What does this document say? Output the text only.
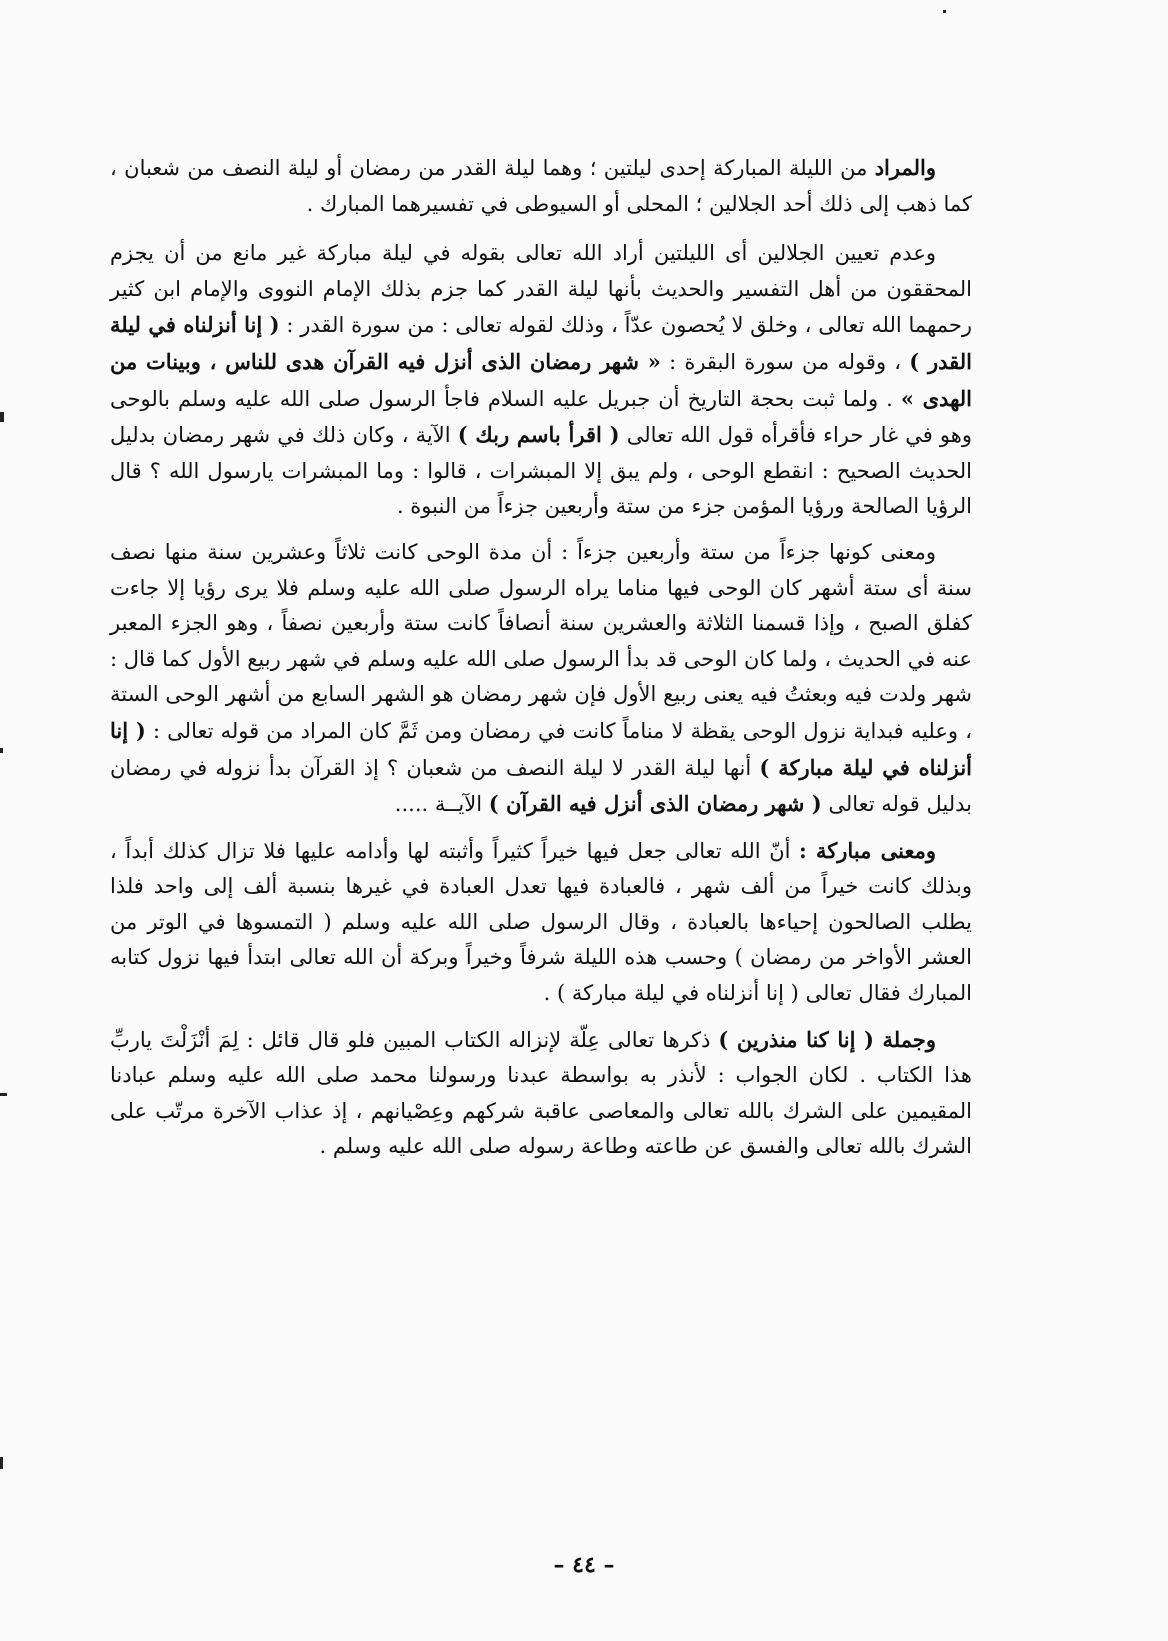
والمراد من الليلة المباركة إحدى ليلتين ؛ وهما ليلة القدر من رمضان أو ليلة النصف من شعبان ، كما ذهب إلى ذلك أحد الجلالين ؛ المحلى أو السيوطى في تفسيرهما المبارك .

وعدم تعيين الجلالين أى الليلتين أراد الله تعالى بقوله في ليلة مباركة غير مانع من أن يجزم المحققون من أهل التفسير والحديث بأنها ليلة القدر كما جزم بذلك الإمام النووى والإمام ابن كثير رحمهما الله تعالى ، وخلق لا يُحصون عدّاً ، وذلك لقوله تعالى : من سورة القدر : ( إنا أنزلناه في ليلة القدر ) ، وقوله من سورة البقرة : « شهر رمضان الذى أنزل فيه القرآن هدى للناس ، وبينات من الهدى » . ولما ثبت بحجة التاريخ أن جبريل عليه السلام فاجأ الرسول صلى الله عليه وسلم بالوحى وهو في غار حراء فأقرأه قول الله تعالى ( اقرأ باسم ربك ) الآية ، وكان ذلك في شهر رمضان بدليل الحديث الصحيح : انقطع الوحى ، ولم يبق إلا المبشرات ، قالوا : وما المبشرات يارسول الله ؟ قال الرؤيا الصالحة ورؤيا المؤمن جزء من ستة وأربعين جزءاً من النبوة .

ومعنى كونها جزءاً من ستة وأربعين جزءاً : أن مدة الوحى كانت ثلاثاً وعشرين سنة منها نصف سنة أى ستة أشهر كان الوحى فيها مناما يراه الرسول صلى الله عليه وسلم فلا يرى رؤيا إلا جاءت كفلق الصبح ، وإذا قسمنا الثلاثة والعشرين سنة أنصافاً كانت ستة وأربعين نصفاً ، وهو الجزء المعبر عنه في الحديث ، ولما كان الوحى قد بدأ الرسول صلى الله عليه وسلم في شهر ربيع الأول كما قال : شهر ولدت فيه وبعثتُ فيه يعنى ربيع الأول فإن شهر رمضان هو الشهر السابع من أشهر الوحى الستة ، وعليه فبداية نزول الوحى يقظة لا مناماً كانت في رمضان ومن ثَمَّ كان المراد من قوله تعالى : ( إنا أنزلناه في ليلة مباركة ) أنها ليلة القدر لا ليلة النصف من شعبان ؟ إذ القرآن بدأ نزوله في رمضان بدليل قوله تعالى ( شهر رمضان الذى أنزل فيه القرآن ) الآيــة .....

ومعنى مباركة : أنّ الله تعالى جعل فيها خيراً كثيراً وأثبته لها وأدامه عليها فلا تزال كذلك أبداً ، وبذلك كانت خيراً من ألف شهر ، فالعبادة فيها تعدل العبادة في غيرها بنسبة ألف إلى واحد فلذا يطلب الصالحون إحياءها بالعبادة ، وقال الرسول صلى الله عليه وسلم ( التمسوها في الوتر من العشر الأواخر من رمضان ) وحسب هذه الليلة شرفاً وخيراً وبركة أن الله تعالى ابتدأ فيها نزول كتابه المبارك فقال تعالى ( إنا أنزلناه في ليلة مباركة ) .

وجملة ( إنا كنا منذرين ) ذكرها تعالى عِلّة لإنزاله الكتاب المبين فلو قال قائل : لِمَ أنْزَلْتَ ياربِّ هذا الكتاب . لكان الجواب : لأنذر به بواسطة عبدنا ورسولنا محمد صلى الله عليه وسلم عبادنا المقيمين على الشرك بالله تعالى والمعاصى عاقبة شركهم وعِصْيانهم ، إذ عذاب الآخرة مرتّب على الشرك بالله تعالى والفسق عن طاعته وطاعة رسوله صلى الله عليه وسلم .

– ٤٤ –
